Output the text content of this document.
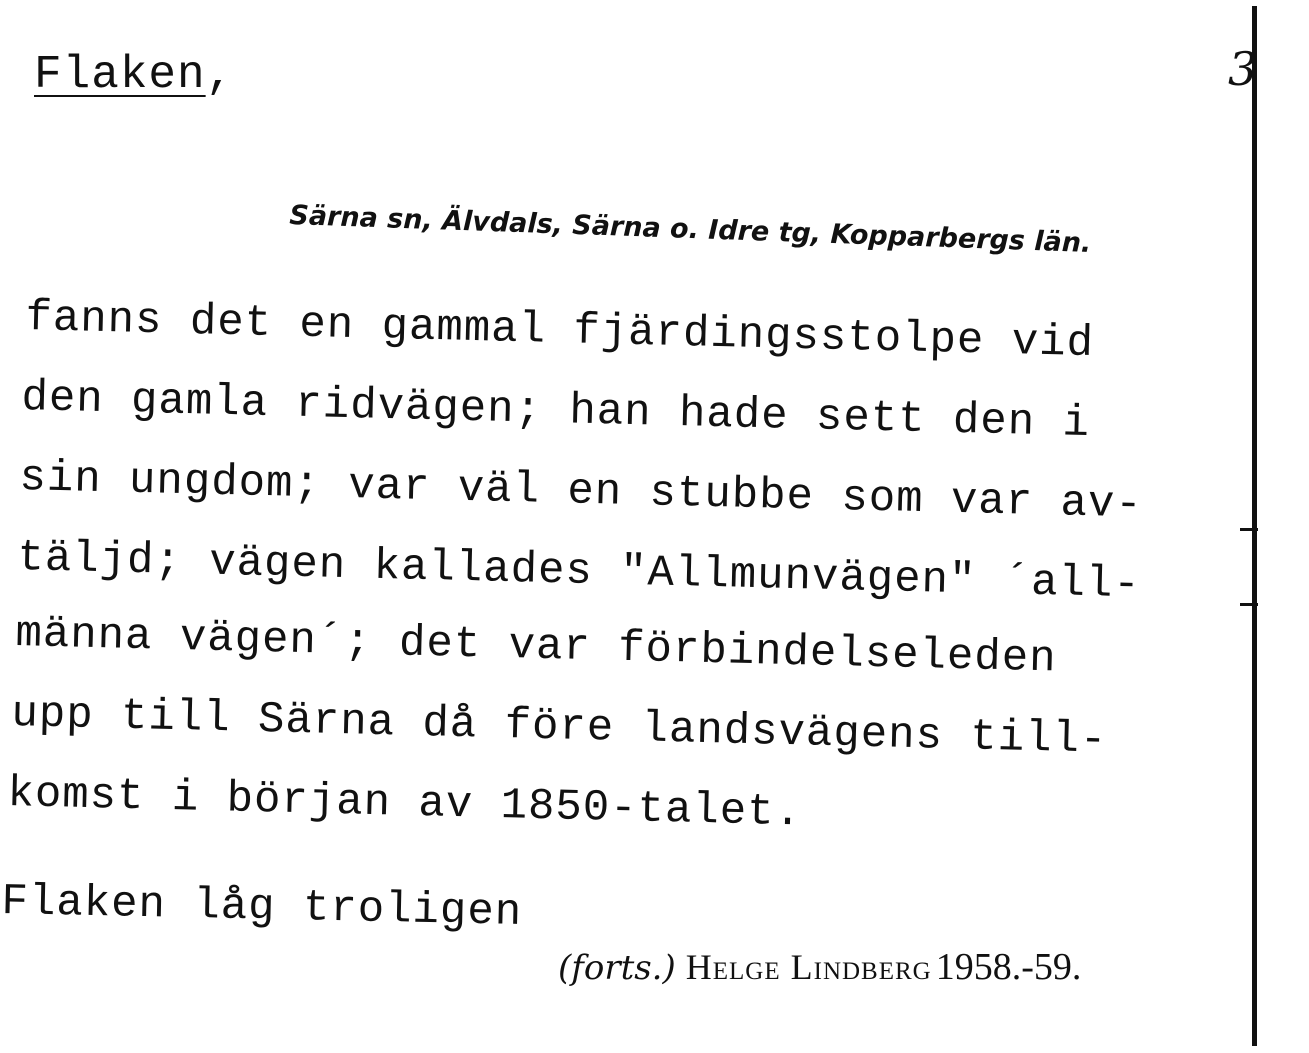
Flaken,	3
Särna sn, Älvdals, Särna o. Idre tg, Kopparbergs län.
fanns det en gammal fjärdingsstolpe vid
den gamla ridvägen; han hade sett den i
sin ungdom; var väl en stubbe som var av-
täljd; vägen kallades "Allmunvägen" ´all-
männa vägen´; det var förbindelseleden
upp till Särna då före landsvägens till-
komst i början av 1850-talet.
Flaken låg troligen
(forts.) Helge Lindberg 1958.-59.
